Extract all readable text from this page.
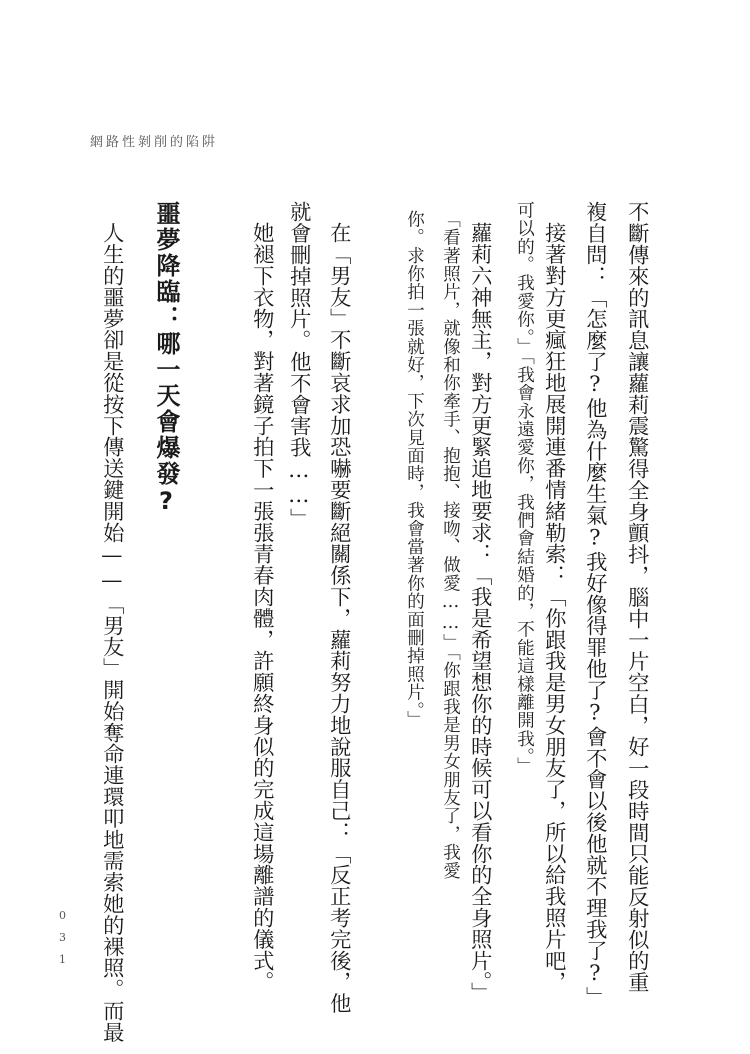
網路性剝削的陷阱
不斷傳來的訊息讓蘿莉震驚得全身顫抖，腦中一片空白，好一段時間只能反射似的重
複自問：「怎麼了?他為什麼生氣?我好像得罪他了?會不會以後他就不理我了?」
接著對方更瘋狂地展開連番情緒勒索：「你跟我是男女朋友了，所以給我照片吧，
可以的。我愛你。」「我會永遠愛你，我們會結婚的，不能這樣離開我。」
蘿莉六神無主，對方更緊追地要求：「我是希望想你的時候可以看你的全身照片。」
「看著照片，就像和你牽手、抱抱、接吻、做愛……」「你跟我是男女朋友了，我愛
你。求你拍一張就好，下次見面時，我會當著你的面刪掉照片。」
在「男友」不斷哀求加恐嚇要斷絕關係下，蘿莉努力地說服自己：「反正考完後，他
就會刪掉照片。他不會害我……」
她褪下衣物，對著鏡子拍下一張張青春肉體，許願終身似的完成這場離譜的儀式。
噩夢降臨：哪一天會爆發?
人生的噩夢卻是從按下傳送鍵開始——「男友」開始奪命連環叩地需索她的裸照。而最
0
3
1
